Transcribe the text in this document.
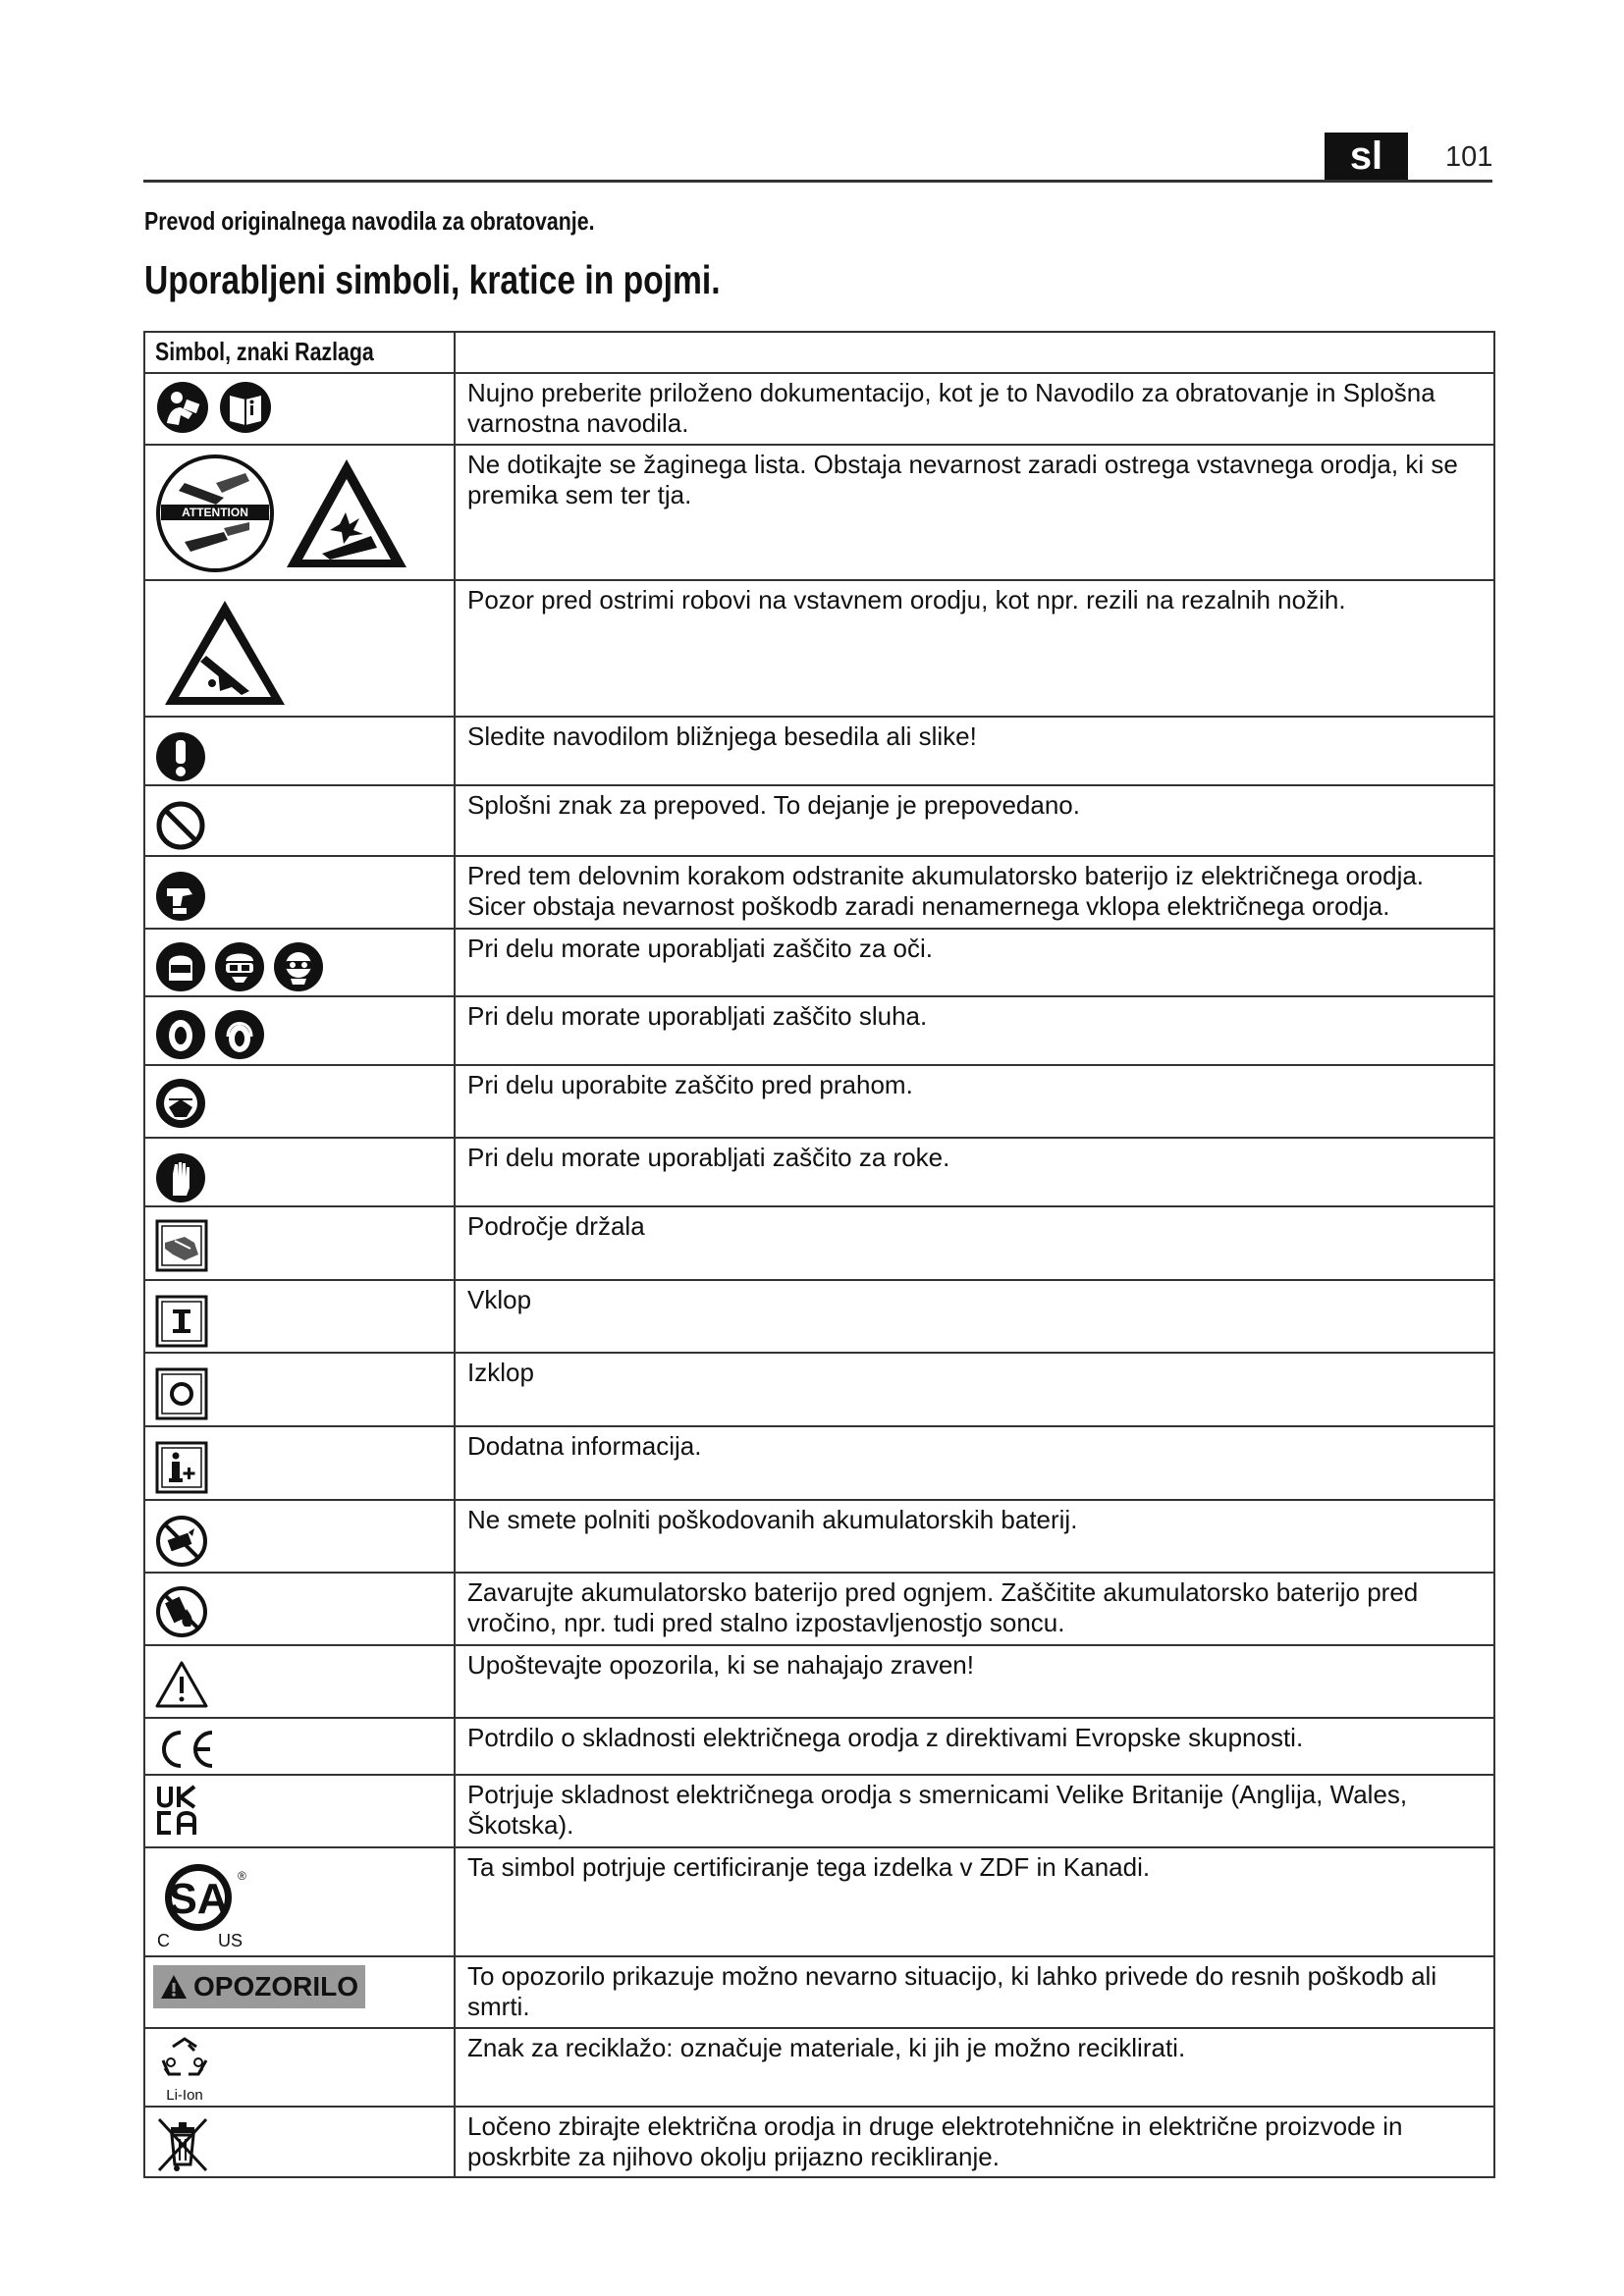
sl	101
Prevod originalnega navodila za obratovanje.
Uporabljeni simboli, kratice in pojmi.
Simbol, znaki Razlaga	

	Nujno preberite priloženo dokumentacijo, kot je to Navodilo za obratovanje in Splošna varnostna navodila.

ATTENTION	Ne dotikajte se žaginega lista. Obstaja nevarnost zaradi ostrega vstavnega orodja, ki se premika sem ter tja.

	Pozor pred ostrimi robovi na vstavnem orodju, kot npr. rezili na rezalnih nožih.

	Sledite navodilom bližnjega besedila ali slike!

	Splošni znak za prepoved. To dejanje je prepovedano.

	Pred tem delovnim korakom odstranite akumulatorsko baterijo iz električnega orodja. Sicer obstaja nevarnost poškodb zaradi nenamernega vklopa električnega orodja.

	Pri delu morate uporabljati zaščito za oči.

	Pri delu morate uporabljati zaščito sluha.

	Pri delu uporabite zaščito pred prahom.

	Pri delu morate uporabljati zaščito za roke.

	Področje držala

	Vklop

	Izklop

	Dodatna informacija.

	Ne smete polniti poškodovanih akumulatorskih baterij.

	Zavarujte akumulatorsko baterijo pred ognjem. Zaščitite akumulatorsko baterijo pred vročino, npr. tudi pred stalno izpostavljenostjo soncu.

	Upoštevajte opozorila, ki se nahajajo zraven!

	Potrdilo o skladnosti električnega orodja z direktivami Evropske skupnosti.

	Potrjuje skladnost električnega orodja s smernicami Velike Britanije (Anglija, Wales, Škotska).

SA ®
C US	Ta simbol potrjuje certificiranje tega izdelka v ZDF in Kanadi.

OPOZORILO	To opozorilo prikazuje možno nevarno situacijo, ki lahko privede do resnih poškodb ali smrti.

Li-Ion	Znak za reciklažo: označuje materiale, ki jih je možno reciklirati.

	Ločeno zbirajte električna orodja in druge elektrotehnične in električne proizvode in poskrbite za njihovo okolju prijazno recikliranje.
